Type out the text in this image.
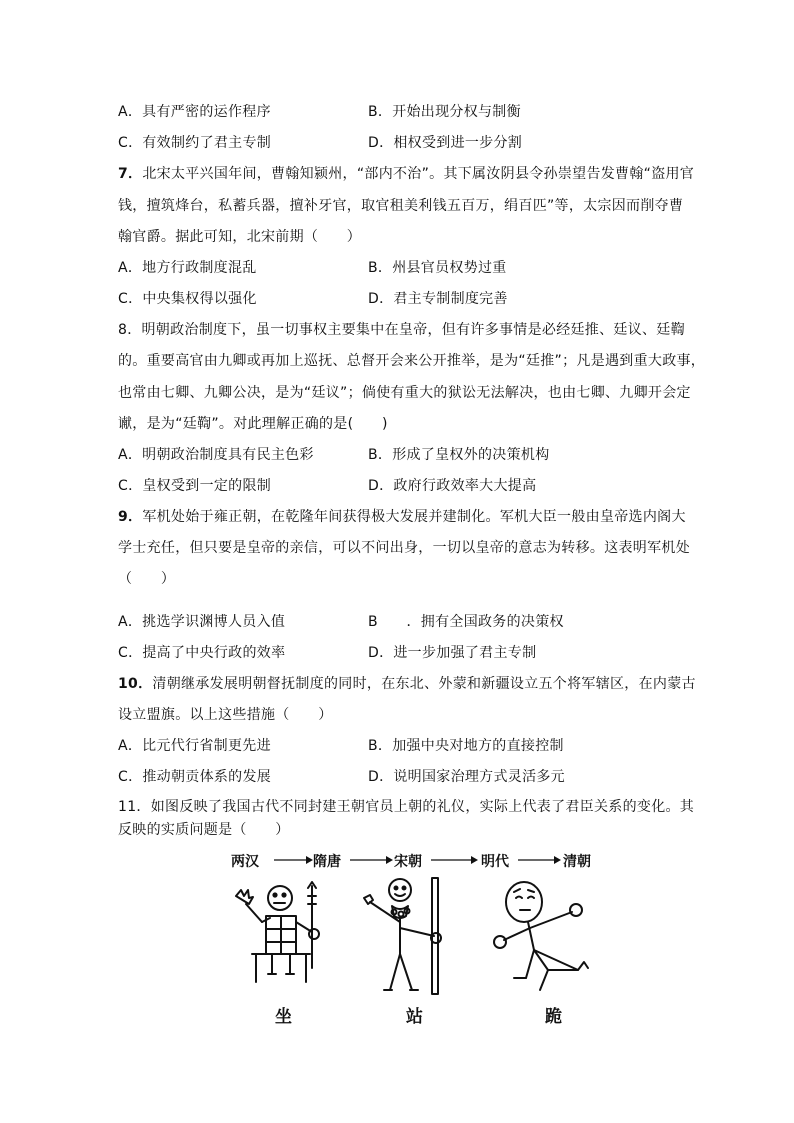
A．具有严密的运作程序	B．开始出现分权与制衡
C．有效制约了君主专制	D．相权受到进一步分割
7．北宋太平兴国年间，曹翰知颍州，“部内不治”。其下属汝阴县令孙崇望告发曹翰“盗用官
钱，擅筑烽台，私蓄兵器，擅补牙官，取官租美利钱五百万，绢百匹”等，太宗因而削夺曹
翰官爵。据此可知，北宋前期（　　）
A．地方行政制度混乱	B．州县官员权势过重
C．中央集权得以强化	D．君主专制制度完善
8．明朝政治制度下，虽一切事权主要集中在皇帝，但有许多事情是必经廷推、廷议、廷鞫
的。重要高官由九卿或再加上巡抚、总督开会来公开推举，是为“廷推”；凡是遇到重大政事，
也常由七卿、九卿公决，是为“廷议”；倘使有重大的狱讼无法解决，也由七卿、九卿开会定
谳，是为“廷鞫”。对此理解正确的是(　　)
A．明朝政治制度具有民主色彩	B．形成了皇权外的决策机构
C．皇权受到一定的限制	D．政府行政效率大大提高
9．军机处始于雍正朝，在乾隆年间获得极大发展并建制化。军机大臣一般由皇帝选内阁大
学士充任，但只要是皇帝的亲信，可以不问出身，一切以皇帝的意志为转移。这表明军机处
（　　）
A．挑选学识渊博人员入值	B　　．拥有全国政务的决策权
C．提高了中央行政的效率	D．进一步加强了君主专制
10．清朝继承发展明朝督抚制度的同时，在东北、外蒙和新疆设立五个将军辖区，在内蒙古
设立盟旗。以上这些措施（　　）
A．比元代行省制更先进	B．加强中央对地方的直接控制
C．推动朝贡体系的发展	D．说明国家治理方式灵活多元
11．如图反映了我国古代不同封建王朝官员上朝的礼仪，实际上代表了君臣关系的变化。其
反映的实质问题是（　　）
两汉	隋唐	宋朝	明代	清朝
坐	站	跪
